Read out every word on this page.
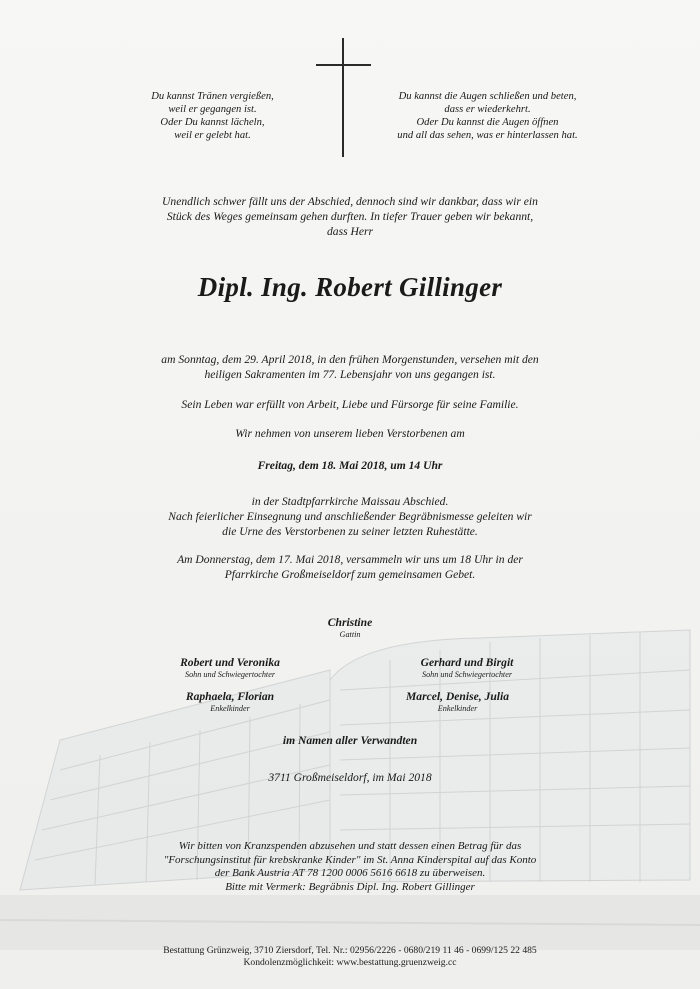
Du kannst Tränen vergießen,
weil er gegangen ist.
Oder Du kannst lächeln,
weil er gelebt hat.
Du kannst die Augen schließen und beten,
dass er wiederkehrt.
Oder Du kannst die Augen öffnen
und all das sehen, was er hinterlassen hat.
Unendlich schwer fällt uns der Abschied, dennoch sind wir dankbar, dass wir ein
Stück des Weges gemeinsam gehen durften. In tiefer Trauer geben wir bekannt,
dass Herr
Dipl. Ing. Robert Gillinger
am Sonntag, dem 29. April 2018, in den frühen Morgenstunden, versehen mit den
heiligen Sakramenten im 77. Lebensjahr von uns gegangen ist.
Sein Leben war erfüllt von Arbeit, Liebe und Fürsorge für seine Familie.
Wir nehmen von unserem lieben Verstorbenen am
Freitag, dem 18. Mai 2018, um 14 Uhr
in der Stadtpfarrkirche Maissau Abschied.
Nach feierlicher Einsegnung und anschließender Begräbnismesse geleiten wir
die Urne des Verstorbenen zu seiner letzten Ruhestätte.
Am Donnerstag, dem 17. Mai 2018, versammeln wir uns um 18 Uhr in der
Pfarrkirche Großmeiseldorf zum gemeinsamen Gebet.
Christine
Gattin
Robert und Veronika
Sohn und Schwiegertochter
Gerhard und Birgit
Sohn und Schwiegertochter
Raphaela, Florian
Enkelkinder
Marcel, Denise, Julia
Enkelkinder
im Namen aller Verwandten
3711 Großmeiseldorf, im Mai 2018
Wir bitten von Kranzspenden abzusehen und statt dessen einen Betrag für das
"Forschungsinstitut für krebskranke Kinder" im St. Anna Kinderspital auf das Konto
der Bank Austria AT 78 1200 0006 5616 6618 zu überweisen.
Bitte mit Vermerk: Begräbnis Dipl. Ing. Robert Gillinger
Bestattung Grünzweig, 3710 Ziersdorf, Tel. Nr.: 02956/2226 - 0680/219 11 46 - 0699/125 22 485
Kondolenzmöglichkeit: www.bestattung.gruenzweig.cc
